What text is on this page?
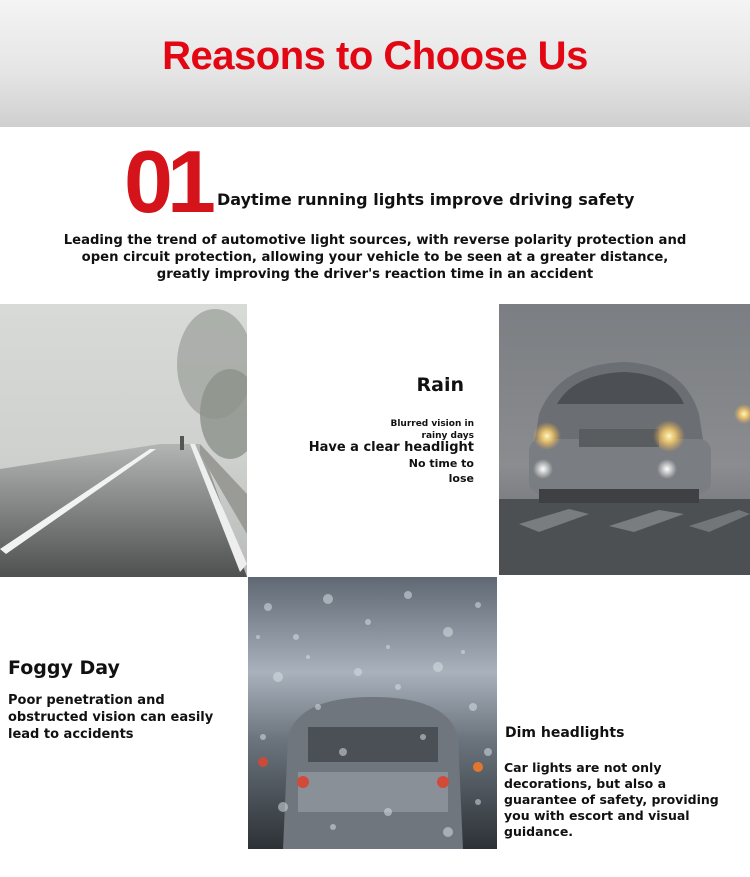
Reasons to Choose Us
01 Daytime running lights improve driving safety
Leading the trend of automotive light sources, with reverse polarity protection and open circuit protection, allowing your vehicle to be seen at a greater distance, greatly improving the driver's reaction time in an accident
Rain
Blurred vision in rainy days
Have a clear headlight
No time to lose
Foggy Day
Poor penetration and obstructed vision can easily lead to accidents	Dim headlights
Car lights are not only decorations, but also a guarantee of safety, providing you with escort and visual guidance.
